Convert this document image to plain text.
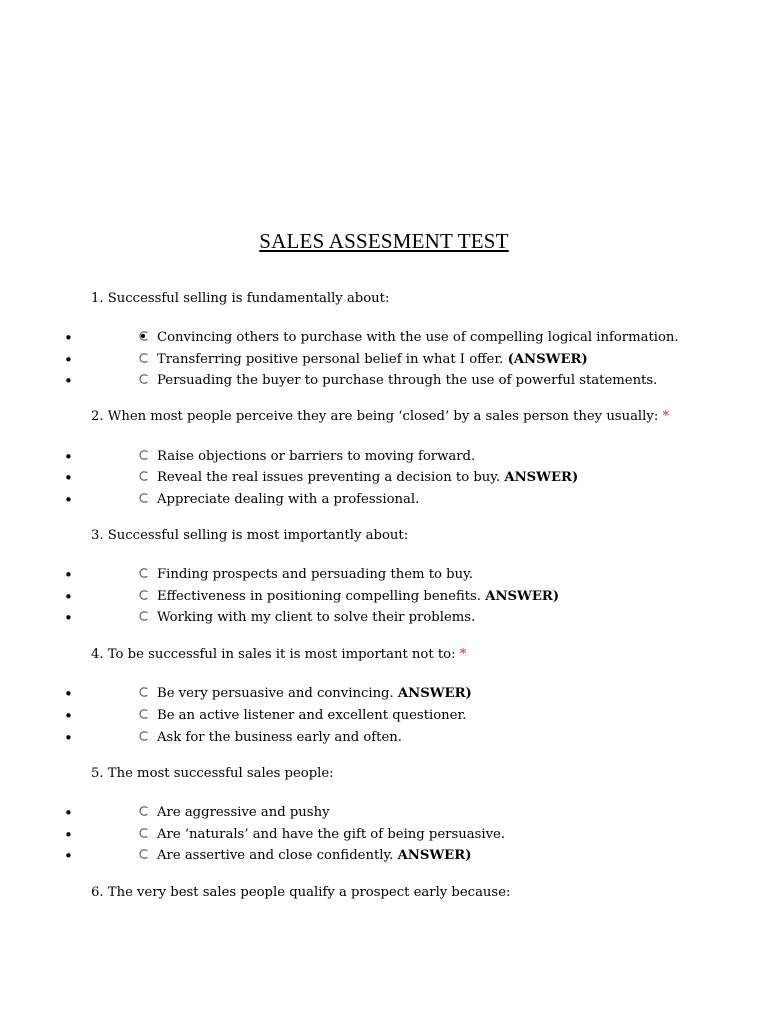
SALES ASSESMENT TEST
1. Successful selling is fundamentally about:
•	Convincing others to purchase with the use of compelling logical information.
•	Transferring positive personal belief in what I offer. (ANSWER)
•	Persuading the buyer to purchase through the use of powerful statements.
2. When most people perceive they are being ‘closed’ by a sales person they usually: *
•	Raise objections or barriers to moving forward.
•	Reveal the real issues preventing a decision to buy. ANSWER)
•	Appreciate dealing with a professional.
3. Successful selling is most importantly about:
•	Finding prospects and persuading them to buy.
•	Effectiveness in positioning compelling benefits. ANSWER)
•	Working with my client to solve their problems.
4. To be successful in sales it is most important not to: *
•	Be very persuasive and convincing. ANSWER)
•	Be an active listener and excellent questioner.
•	Ask for the business early and often.
5. The most successful sales people:
•	Are aggressive and pushy
•	Are ‘naturals’ and have the gift of being persuasive.
•	Are assertive and close confidently. ANSWER)
6. The very best sales people qualify a prospect early because:
